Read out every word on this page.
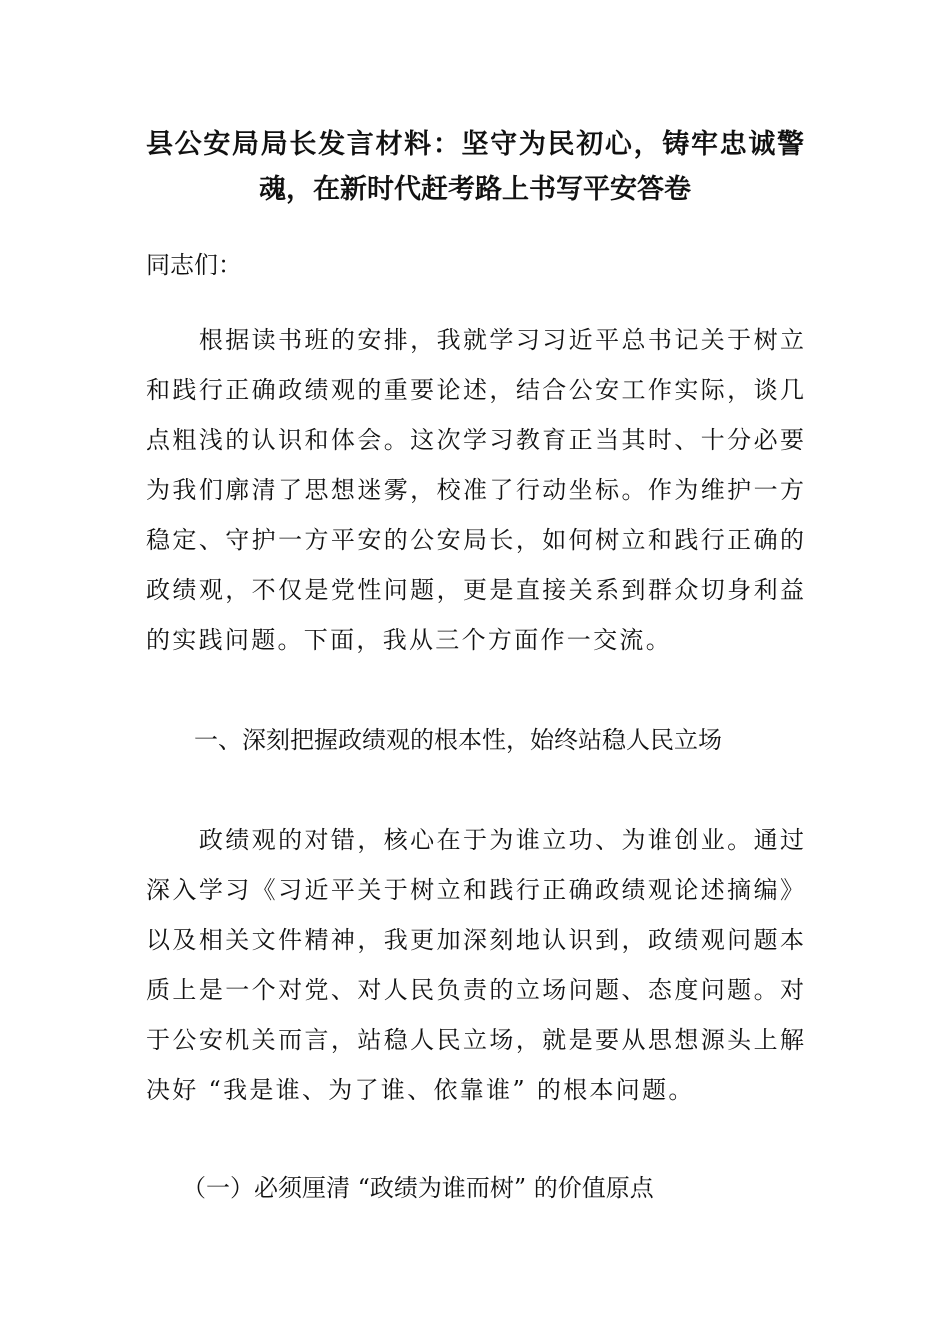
县公安局局长发言材料：坚守为民初心，铸牢忠诚警
魂，在新时代赶考路上书写平安答卷
同志们：
　　根据读书班的安排，我就学习习近平总书记关于树立
和践行正确政绩观的重要论述，结合公安工作实际，谈几
点粗浅的认识和体会。这次学习教育正当其时、十分必要
为我们廓清了思想迷雾，校准了行动坐标。作为维护一方
稳定、守护一方平安的公安局长，如何树立和践行正确的
政绩观，不仅是党性问题，更是直接关系到群众切身利益
的实践问题。下面，我从三个方面作一交流。
　　一、深刻把握政绩观的根本性，始终站稳人民立场
　　政绩观的对错，核心在于为谁立功、为谁创业。通过
深入学习《习近平关于树立和践行正确政绩观论述摘编》
以及相关文件精神，我更加深刻地认识到，政绩观问题本
质上是一个对党、对人民负责的立场问题、态度问题。对
于公安机关而言，站稳人民立场，就是要从思想源头上解
决好 “我是谁、为了谁、依靠谁” 的根本问题。
　　（一）必须厘清 “政绩为谁而树” 的价值原点
